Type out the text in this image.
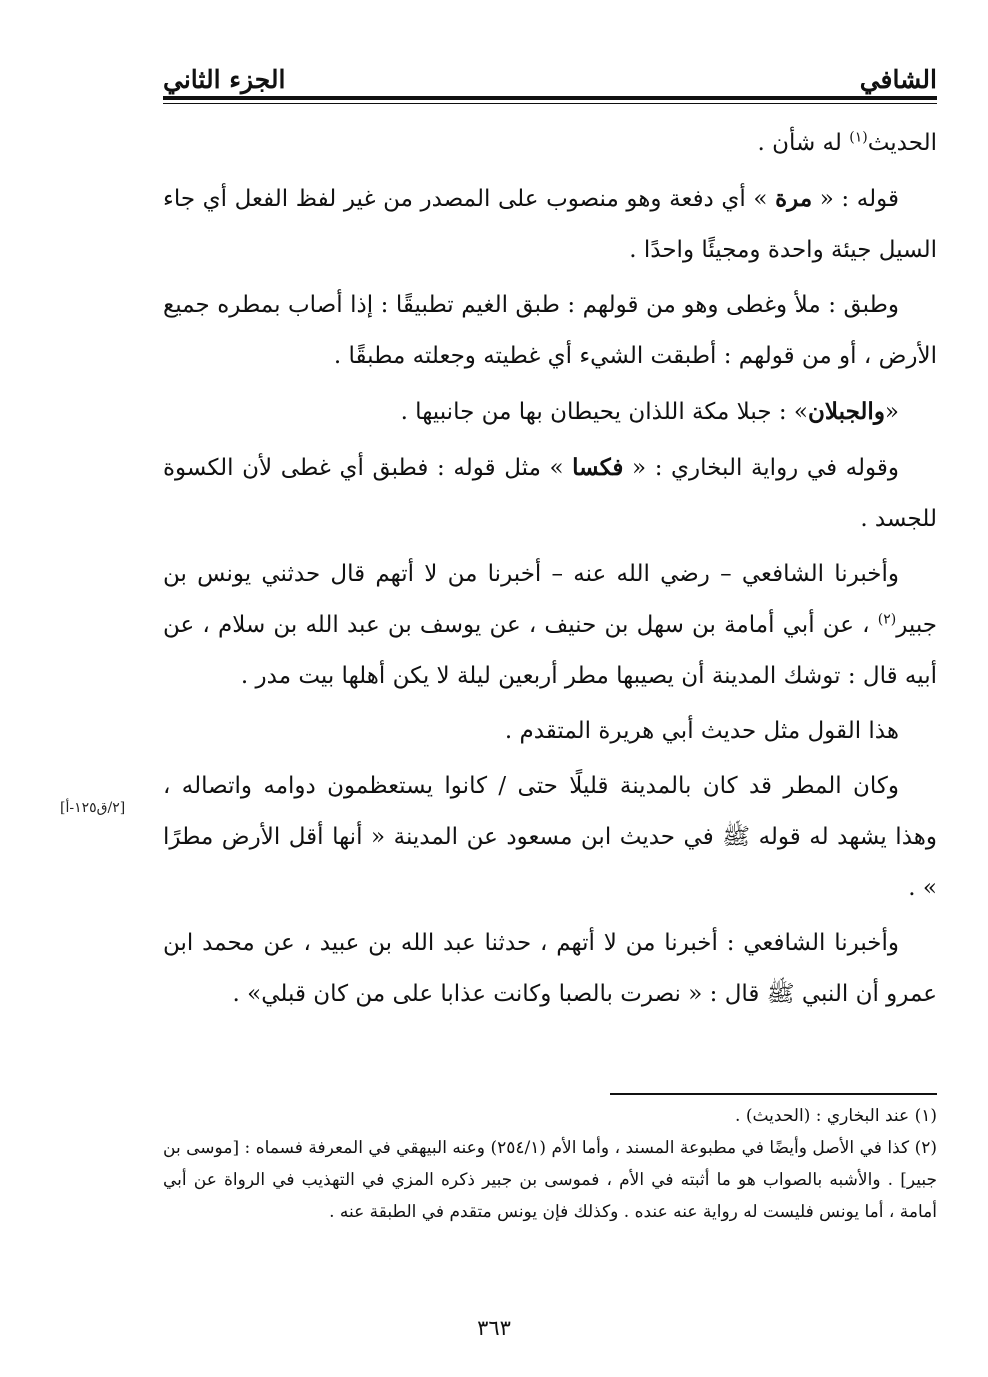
الشافي
الجزء الثاني

الحديث$^{(١)}$ له شأن .

قوله : « مرة » أي دفعة وهو منصوب على المصدر من غير لفظ الفعل أي جاء السيل جيئة واحدة ومجيئًا واحدًا .

وطبق : ملأ وغطى وهو من قولهم : طبق الغيم تطبيقًا : إذا أصاب بمطره جميع الأرض ، أو من قولهم : أطبقت الشيء أي غطيته وجعلته مطبقًا .

«والجبلان» : جبلا مكة اللذان يحيطان بها من جانبيها .

وقوله في رواية البخاري : « فكسا » مثل قوله : فطبق أي غطى لأن الكسوة للجسد .

وأخبرنا الشافعي – رضي الله عنه – أخبرنا من لا أتهم قال حدثني يونس بن جبير$^{(٢)}$ ، عن أبي أمامة بن سهل بن حنيف ، عن يوسف بن عبد الله بن سلام ، عن أبيه قال : توشك المدينة أن يصيبها مطر أربعين ليلة لا يكن أهلها بيت مدر .

هذا القول مثل حديث أبي هريرة المتقدم .

وكان المطر قد كان بالمدينة قليلًا حتى / كانوا يستعظمون دوامه واتصاله ، وهذا يشهد له قوله ﷺ في حديث ابن مسعود عن المدينة « أنها أقل الأرض مطرًا » .

وأخبرنا الشافعي : أخبرنا من لا أتهم ، حدثنا عبد الله بن عبيد ، عن محمد ابن عمرو أن النبي ﷺ قال : « نصرت بالصبا وكانت عذابا على من كان قبلي» .

[٢/ق١٢٥-أ]

(١) عند البخاري : (الحديث) .

(٢) كذا في الأصل وأيضًا في مطبوعة المسند ، وأما الأم (٢٥٤/١) وعنه البيهقي في المعرفة فسماه : [موسى بن جبير] . والأشبه بالصواب هو ما أثبته في الأم ، فموسى بن جبير ذكره المزي في التهذيب في الرواة عن أبي أمامة ، أما يونس فليست له رواية عنه عنده . وكذلك فإن يونس متقدم في الطبقة عنه .

٣٦٣
